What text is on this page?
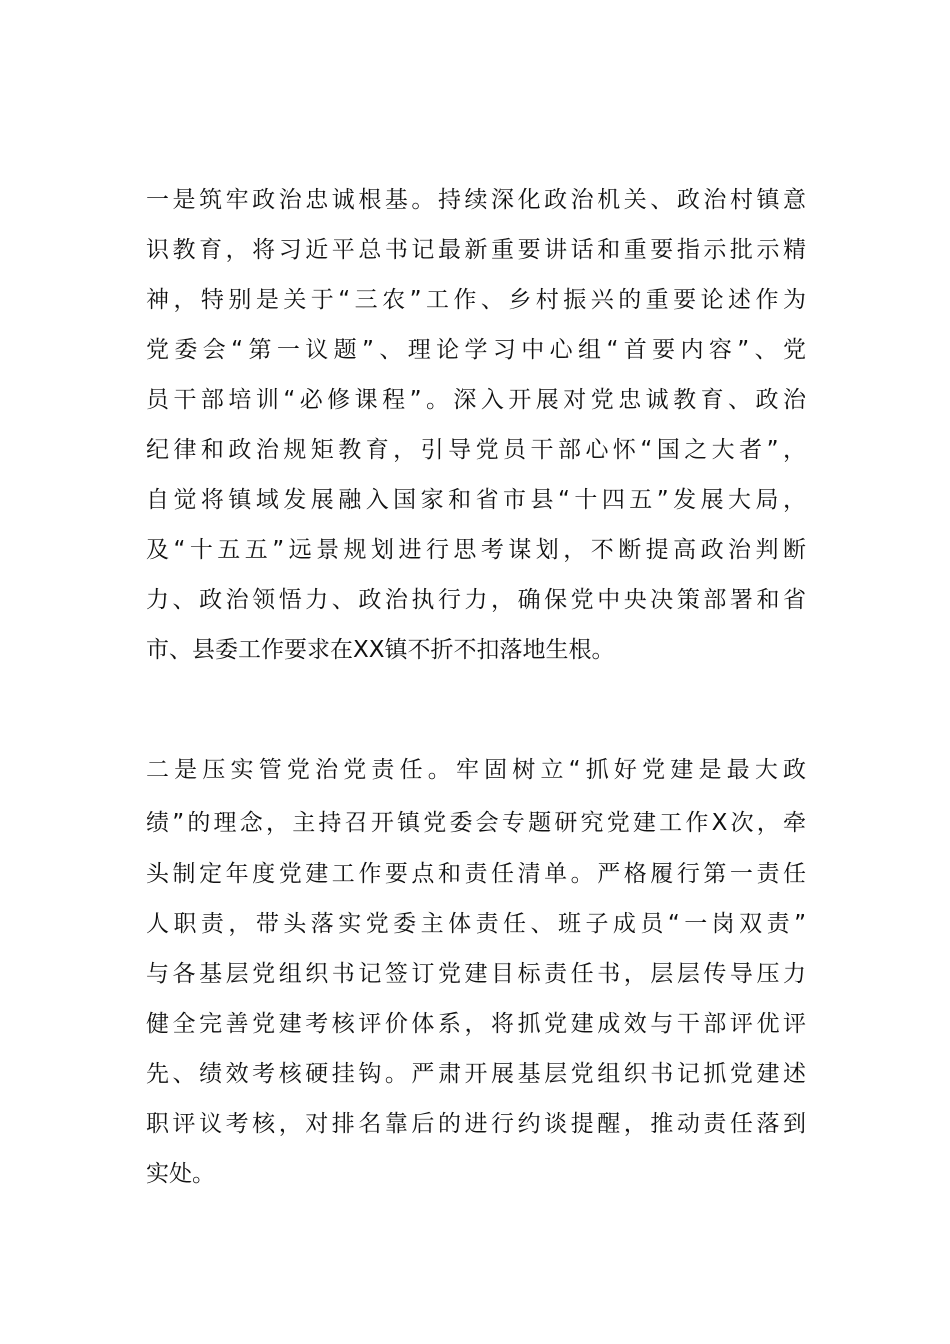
一是筑牢政治忠诚根基。持续深化政治机关、政治村镇意
识教育，将习近平总书记最新重要讲话和重要指示批示精
神，特别是关于“三农”工作、乡村振兴的重要论述作为
党委会“第一议题”、理论学习中心组“首要内容”、党
员干部培训“必修课程”。深入开展对党忠诚教育、政治
纪律和政治规矩教育，引导党员干部心怀“国之大者”，
自觉将镇域发展融入国家和省市县“十四五”发展大局，
及“十五五”远景规划进行思考谋划，不断提高政治判断
力、政治领悟力、政治执行力，确保党中央决策部署和省
市、县委工作要求在XX镇不折不扣落地生根。
二是压实管党治党责任。牢固树立“抓好党建是最大政
绩”的理念，主持召开镇党委会专题研究党建工作X次，牵
头制定年度党建工作要点和责任清单。严格履行第一责任
人职责，带头落实党委主体责任、班子成员“一岗双责”
与各基层党组织书记签订党建目标责任书，层层传导压力
健全完善党建考核评价体系，将抓党建成效与干部评优评
先、绩效考核硬挂钩。严肃开展基层党组织书记抓党建述
职评议考核，对排名靠后的进行约谈提醒，推动责任落到
实处。
